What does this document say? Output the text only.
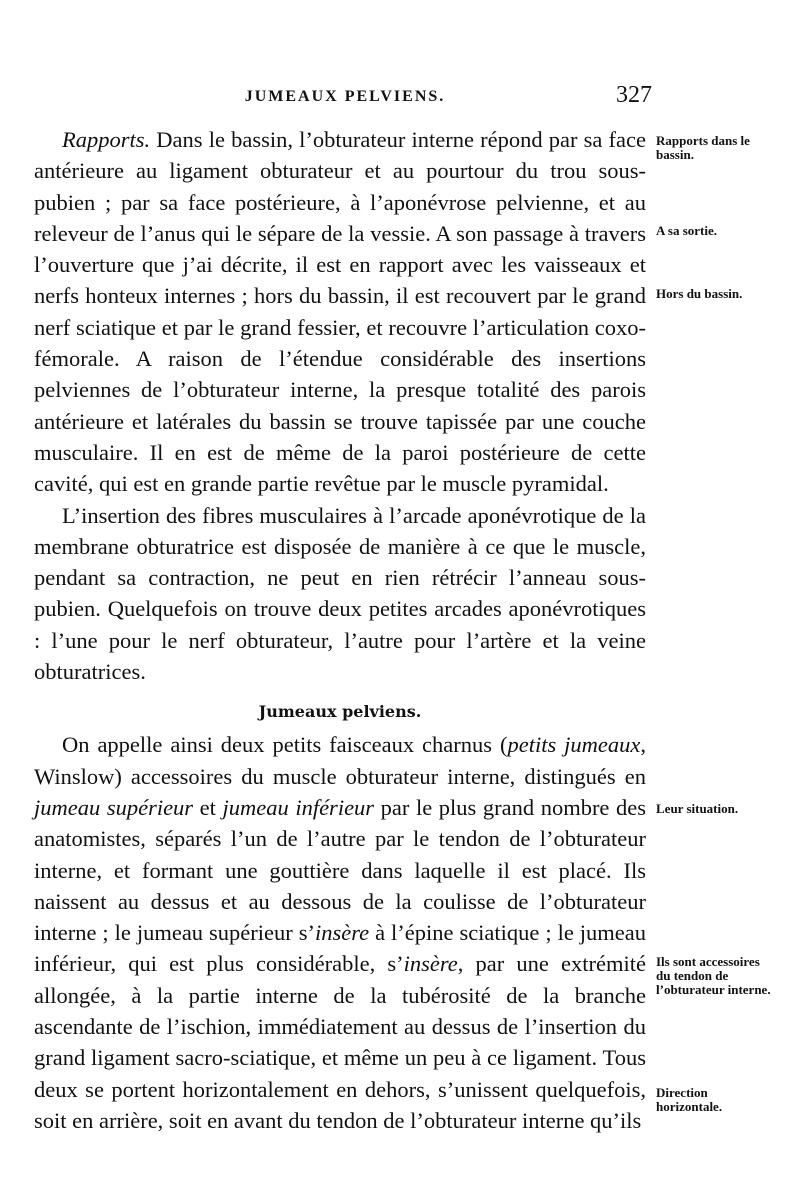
JUMEAUX PELVIENS.	327

Rapports. Dans le bassin, l’obturateur interne répond par sa face antérieure au ligament obturateur et au pourtour du trou sous-pubien ; par sa face postérieure, à l’aponévrose pelvienne, et au releveur de l’anus qui le sépare de la vessie. A son passage à travers l’ouverture que j’ai décrite, il est en rapport avec les vaisseaux et nerfs honteux internes ; hors du bassin, il est recouvert par le grand nerf sciatique et par le grand fessier, et recouvre l’articulation coxo-fémorale. A raison de l’étendue considérable des insertions pelviennes de l’obturateur interne, la presque totalité des parois antérieure et latérales du bassin se trouve tapissée par une couche musculaire. Il en est de même de la paroi postérieure de cette cavité, qui est en grande partie revêtue par le muscle pyramidal.

L’insertion des fibres musculaires à l’arcade aponévrotique de la membrane obturatrice est disposée de manière à ce que le muscle, pendant sa contraction, ne peut en rien rétrécir l’anneau sous-pubien. Quelquefois on trouve deux petites arcades aponévrotiques : l’une pour le nerf obturateur, l’autre pour l’artère et la veine obturatrices.

Jumeaux pelviens.

On appelle ainsi deux petits faisceaux charnus (petits jumeaux, Winslow) accessoires du muscle obturateur interne, distingués en jumeau supérieur et jumeau inférieur par le plus grand nombre des anatomistes, séparés l’un de l’autre par le tendon de l’obturateur interne, et formant une gouttière dans laquelle il est placé. Ils naissent au dessus et au dessous de la coulisse de l’obturateur interne ; le jumeau supérieur s’insère à l’épine sciatique ; le jumeau inférieur, qui est plus considérable, s’insère, par une extrémité allongée, à la partie interne de la tubérosité de la branche ascendante de l’ischion, immédiatement au dessus de l’insertion du grand ligament sacro-sciatique, et même un peu à ce ligament. Tous deux se portent horizontalement en dehors, s’unissent quelquefois, soit en arrière, soit en avant du tendon de l’obturateur interne qu’ils

Rapports dans le bassin.
A sa sortie.
Hors du bassin.
Leur situation.
Ils sont accessoires du tendon de l’obturateur interne.
Direction horizontale.
